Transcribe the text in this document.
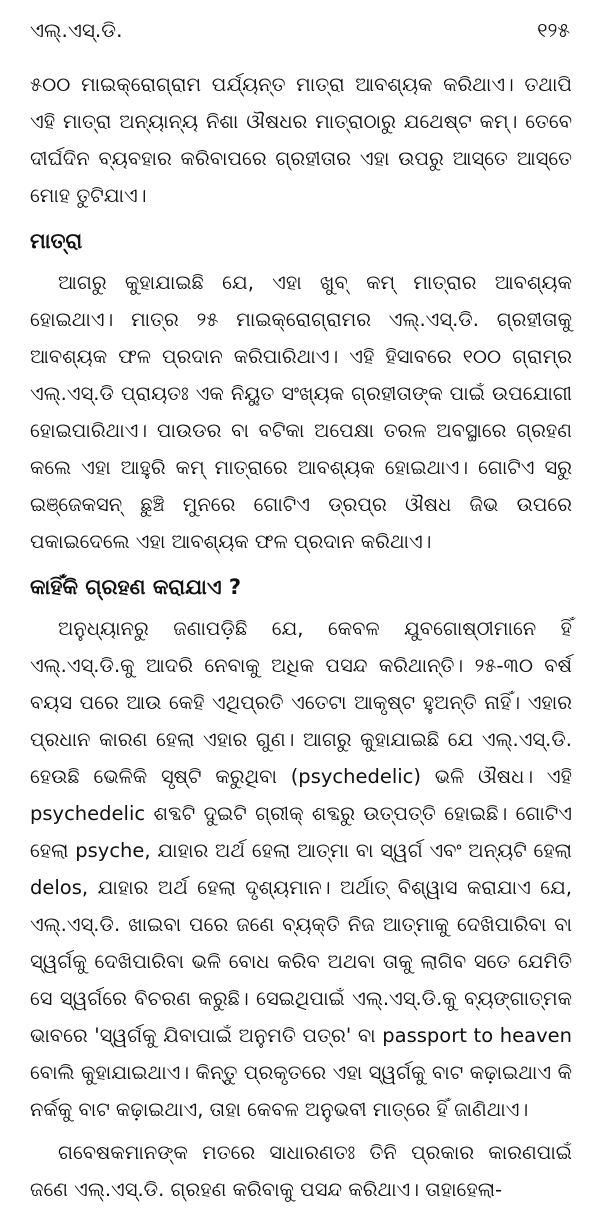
ଏଲ୍‌.ଏସ୍‌.ଡି.	୧୨୫

୫୦୦ ମାଇକ୍ରୋଗ୍ରାମ ପର୍ଯ୍ୟନ୍ତ ମାତ୍ରା ଆବଶ୍ୟକ କରିଥାଏ। ତଥାପି ଏହି ମାତ୍ରା ଅନ୍ୟାନ୍ୟ ନିଶା ଔଷଧର ମାତ୍ରାଠାରୁ ଯଥେଷ୍ଟ କମ୍‌। ତେବେ ଦୀର୍ଘଦିନ ବ୍ୟବହାର କରିବାପରେ ଗ୍ରହୀତାର ଏହା ଉପରୁ ଆସ୍ତେ ଆସ୍ତେ ମୋହ ତୁଟିଯାଏ।

ମାତ୍ରା

ଆଗରୁ କୁହାଯାଇଛି ଯେ, ଏହା ଖୁବ୍‌ କମ୍‌ ମାତ୍ରାର ଆବଶ୍ୟକ ହୋଇଥାଏ। ମାତ୍ର ୨୫ ମାଇକ୍ରୋଗ୍ରାମର ଏଲ୍‌.ଏସ୍‌.ଡି. ଗ୍ରହୀତାକୁ ଆବଶ୍ୟକ ଫଳ ପ୍ରଦାନ କରିପାରିଥାଏ। ଏହି ହିସାବରେ ୧୦୦ ଗ୍ରାମ୍‌ର ଏଲ୍‌.ଏସ୍‌.ଡି ପ୍ରାୟତଃ ଏକ ନିୟୁତ ସଂଖ୍ୟକ ଗ୍ରହୀତାଙ୍କ ପାଇଁ ଉପଯୋଗୀ ହୋଇପାରିଥାଏ। ପାଉଡର ବା ବଟିକା ଅପେକ୍ଷା ତରଳ ଅବସ୍ଥାରେ ଗ୍ରହଣ କଲେ ଏହା ଆହୁରି କମ୍‌ ମାତ୍ରାରେ ଆବଶ୍ୟକ ହୋଇଥାଏ। ଗୋଟିଏ ସରୁ ଇଞ୍ଜେକସନ୍‌ ଛୁଞ୍ଚି ମୁନରେ ଗୋଟିଏ ଡ୍ରପ୍‌ର ଔଷଧ ଜିଭ ଉପରେ ପକାଇଦେଲେ ଏହା ଆବଶ୍ୟକ ଫଳ ପ୍ରଦାନ କରିଥାଏ।

କାହିଁକି ଗ୍ରହଣ କରାଯାଏ ?

ଅନୁଧ୍ୟାନରୁ ଜଣାପଡ଼ିଛି ଯେ, କେବଳ ଯୁବଗୋଷ୍ଠୀମାନେ ହିଁ ଏଲ୍‌.ଏସ୍‌.ଡି.କୁ ଆଦରି ନେବାକୁ ଅଧିକ ପସନ୍ଦ କରିଥାନ୍ତି। ୨୫-୩୦ ବର୍ଷ ବୟସ ପରେ ଆଉ କେହି ଏଥିପ୍ରତି ଏତେଟା ଆକୃଷ୍ଟ ହୁଅନ୍ତି ନାହିଁ। ଏହାର ପ୍ରଧାନ କାରଣ ହେଲା ଏହାର ଗୁଣ। ଆଗରୁ କୁହାଯାଇଛି ଯେ ଏଲ୍‌.ଏସ୍‌.ଡି. ହେଉଛି ଭେଳିକି ସୃଷ୍ଟି କରୁଥିବା (psychedelic) ଭଳି ଔଷଧ। ଏହି psychedelic ଶବ୍ଦଟି ଦୁଇଟି ଗ୍ରୀକ୍‌ ଶବ୍ଦରୁ ଉତ୍ପତ୍ତି ହୋଇଛି। ଗୋଟିଏ ହେଲା psyche, ଯାହାର ଅର୍ଥ ହେଲା ଆତ୍ମା ବା ସ୍ୱର୍ଗ ଏବଂ ଅନ୍ୟଟି ହେଲା delos, ଯାହାର ଅର୍ଥ ହେଲା ଦୃଶ୍ୟମାନ। ଅର୍ଥାତ୍‌ ବିଶ୍ୱାସ କରାଯାଏ ଯେ, ଏଲ୍‌.ଏସ୍‌.ଡି. ଖାଇବା ପରେ ଜଣେ ବ୍ୟକ୍ତି ନିଜ ଆତ୍ମାକୁ ଦେଖିପାରିବା ବା ସ୍ୱର୍ଗକୁ ଦେଖିପାରିବା ଭଳି ବୋଧ କରିବ ଅଥବା ତାକୁ ଲାଗିବ ସତେ ଯେମିତି ସେ ସ୍ୱର୍ଗରେ ବିଚରଣ କରୁଛି। ସେଇଥିପାଇଁ ଏଲ୍‌.ଏସ୍‌.ଡି.କୁ ବ୍ୟଙ୍ଗାତ୍ମକ ଭାବରେ 'ସ୍ୱର୍ଗକୁ ଯିବାପାଇଁ ଅନୁମତି ପତ୍ର' ବା passport to heaven ବୋଲି କୁହାଯାଇଥାଏ। କିନ୍ତୁ ପ୍ରକୃତରେ ଏହା ସ୍ୱର୍ଗକୁ ବାଟ କଢ଼ାଇଥାଏ କି ନର୍କକୁ ବାଟ କଢ଼ାଇଥାଏ, ତାହା କେବଳ ଅନୁଭବୀ ମାତ୍ରେ ହିଁ ଜାଣିଥାଏ।

ଗବେଷକମାନଙ୍କ ମତରେ ସାଧାରଣତଃ ତିନି ପ୍ରକାର କାରଣପାଇଁ ଜଣେ ଏଲ୍‌.ଏସ୍‌.ଡି. ଗ୍ରହଣ କରିବାକୁ ପସନ୍ଦ କରିଥାଏ। ତାହାହେଲା-
